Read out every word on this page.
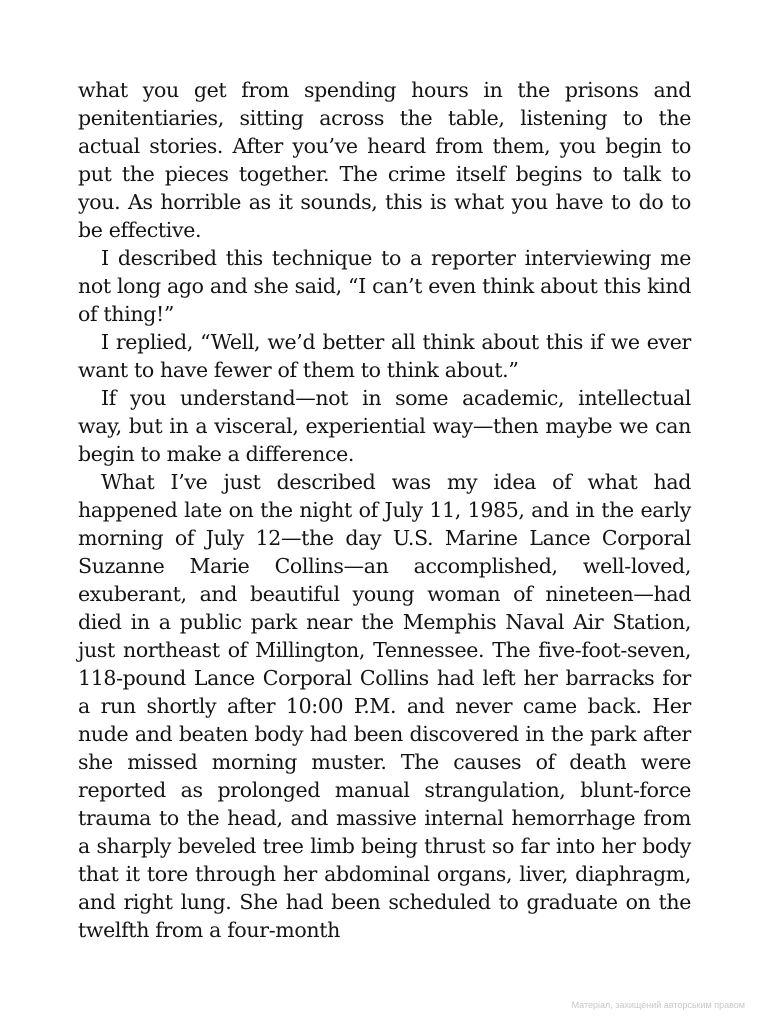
what you get from spending hours in the prisons and penitentiaries, sitting across the table, listening to the actual stories. After you’ve heard from them, you begin to put the pieces together. The crime itself begins to talk to you. As horrible as it sounds, this is what you have to do to be effective.

I described this technique to a reporter interviewing me not long ago and she said, “I can’t even think about this kind of thing!”

I replied, “Well, we’d better all think about this if we ever want to have fewer of them to think about.”

If you understand—not in some academic, intellectual way, but in a visceral, experiential way—then maybe we can begin to make a difference.

What I’ve just described was my idea of what had happened late on the night of July 11, 1985, and in the early morning of July 12—the day U.S. Marine Lance Corporal Suzanne Marie Collins—an accomplished, well-loved, exuberant, and beautiful young woman of nineteen—had died in a public park near the Memphis Naval Air Station, just northeast of Millington, Tennessee. The five-foot-seven, 118-pound Lance Corporal Collins had left her barracks for a run shortly after 10:00 P.M. and never came back. Her nude and beaten body had been discovered in the park after she missed morning muster. The causes of death were reported as prolonged manual strangulation, blunt-force trauma to the head, and massive internal hemorrhage from a sharply beveled tree limb being thrust so far into her body that it tore through her abdominal organs, liver, diaphragm, and right lung. She had been scheduled to graduate on the twelfth from a four-month

Матеріал, захищений авторським правом
